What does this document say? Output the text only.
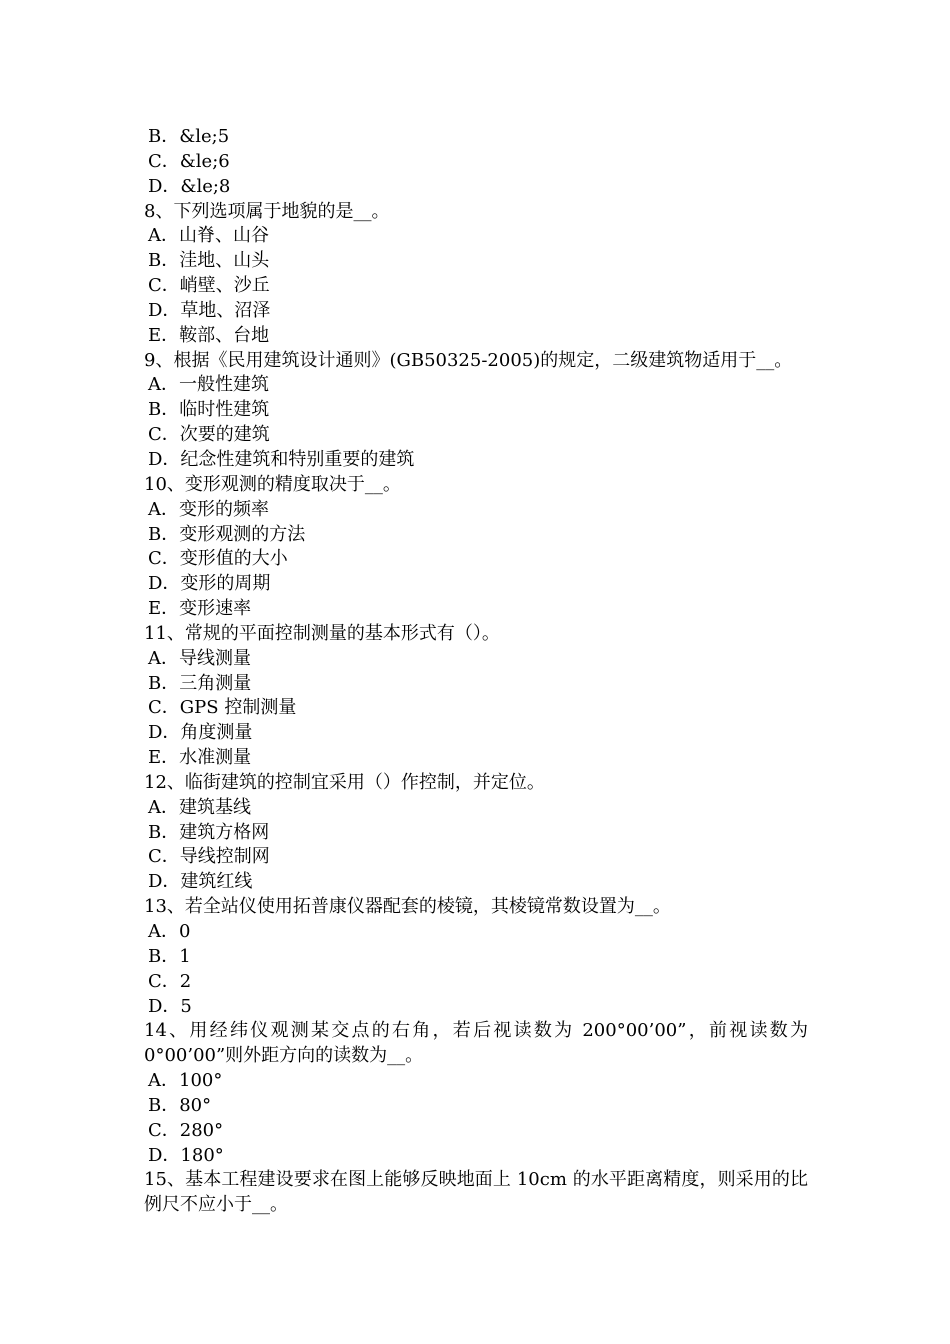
B．&le;5
C．&le;6
D．&le;8
8、下列选项属于地貌的是__。
A．山脊、山谷
B．洼地、山头
C．峭壁、沙丘
D．草地、沼泽
E．鞍部、台地
9、根据《民用建筑设计通则》(GB50325-2005)的规定，二级建筑物适用于__。
A．一般性建筑
B．临时性建筑
C．次要的建筑
D．纪念性建筑和特别重要的建筑
10、变形观测的精度取决于__。
A．变形的频率
B．变形观测的方法
C．变形值的大小
D．变形的周期
E．变形速率
11、常规的平面控制测量的基本形式有（）。
A．导线测量
B．三角测量
C．GPS 控制测量
D．角度测量
E．水准测量
12、临街建筑的控制宜采用（）作控制，并定位。
A．建筑基线
B．建筑方格网
C．导线控制网
D．建筑红线
13、若全站仪使用拓普康仪器配套的棱镜，其棱镜常数设置为__。
A．0
B．1
C．2
D．5
14、用经纬仪观测某交点的右角，若后视读数为 200°00’00”，前视读数为 0°00’00”则外距方向的读数为__。
A．100°
B．80°
C．280°
D．180°
15、基本工程建设要求在图上能够反映地面上 10cm 的水平距离精度，则采用的比例尺不应小于__。
